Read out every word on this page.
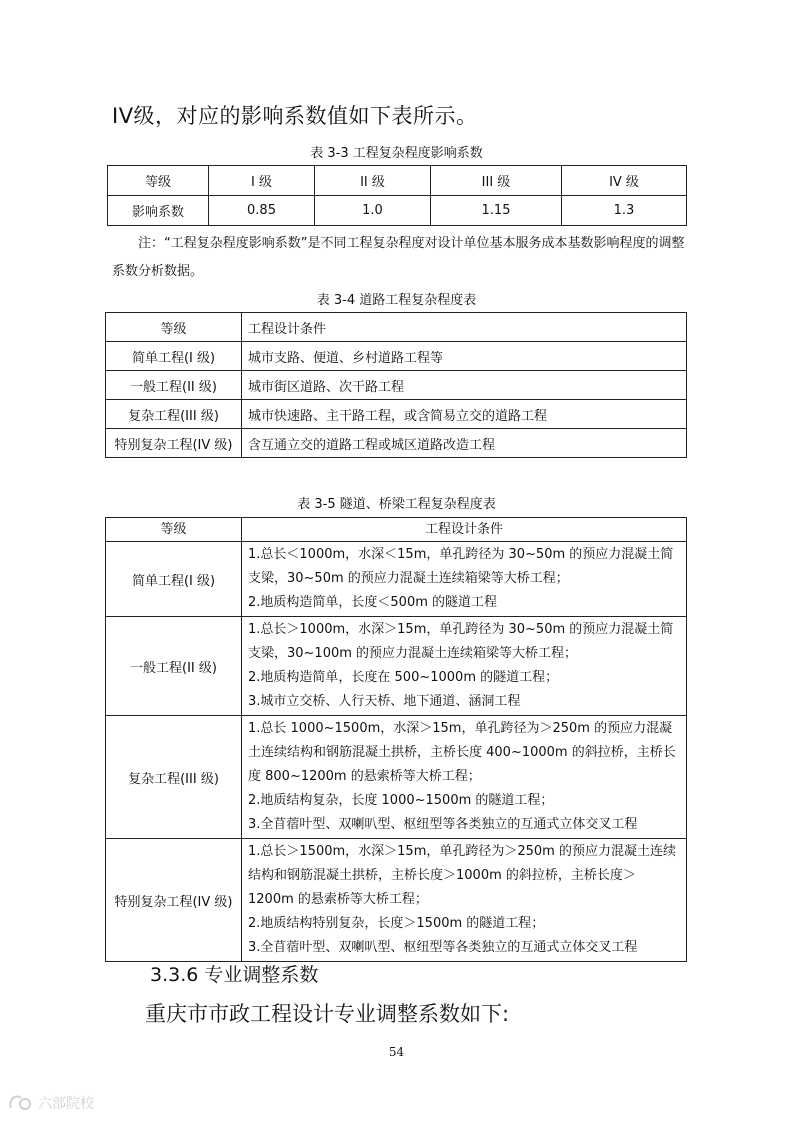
IV级，对应的影响系数值如下表所示。
表 3-3 工程复杂程度影响系数
等级	I 级	II 级	III 级	IV 级
影响系数	0.85	1.0	1.15	1.3
注：“工程复杂程度影响系数”是不同工程复杂程度对设计单位基本服务成本基数影响程度的调整系数分析数据。
表 3-4 道路工程复杂程度表
等级	工程设计条件
简单工程(I 级)	城市支路、便道、乡村道路工程等
一般工程(II 级)	城市街区道路、次干路工程
复杂工程(III 级)	城市快速路、主干路工程，或含简易立交的道路工程
特别复杂工程(IV 级)	含互通立交的道路工程或城区道路改造工程
表 3-5 隧道、桥梁工程复杂程度表
等级	工程设计条件
简单工程(I 级)	1.总长＜1000m，水深＜15m，单孔跨径为 30~50m 的预应力混凝土简支梁，30~50m 的预应力混凝土连续箱梁等大桥工程；
2.地质构造简单，长度＜500m 的隧道工程

一般工程(II 级)	1.总长＞1000m，水深＞15m，单孔跨径为 30~50m 的预应力混凝土简支梁，30~100m 的预应力混凝土连续箱梁等大桥工程；
2.地质构造简单，长度在 500~1000m 的隧道工程；
3.城市立交桥、人行天桥、地下通道、涵洞工程

复杂工程(III 级)	1.总长 1000~1500m，水深＞15m，单孔跨径为＞250m 的预应力混凝土连续结构和钢筋混凝土拱桥，主桥长度 400~1000m 的斜拉桥，主桥长度 800~1200m 的悬索桥等大桥工程；
2.地质结构复杂，长度 1000~1500m 的隧道工程；
3.全苜蓿叶型、双喇叭型、枢纽型等各类独立的互通式立体交叉工程

特别复杂工程(IV 级)	1.总长＞1500m，水深＞15m，单孔跨径为＞250m 的预应力混凝土连续结构和钢筋混凝土拱桥，主桥长度＞1000m 的斜拉桥，主桥长度＞1200m 的悬索桥等大桥工程；
2.地质结构特别复杂，长度＞1500m 的隧道工程；
3.全苜蓿叶型、双喇叭型、枢纽型等各类独立的互通式立体交叉工程
3.3.6 专业调整系数
重庆市市政工程设计专业调整系数如下:
54
六部院校
